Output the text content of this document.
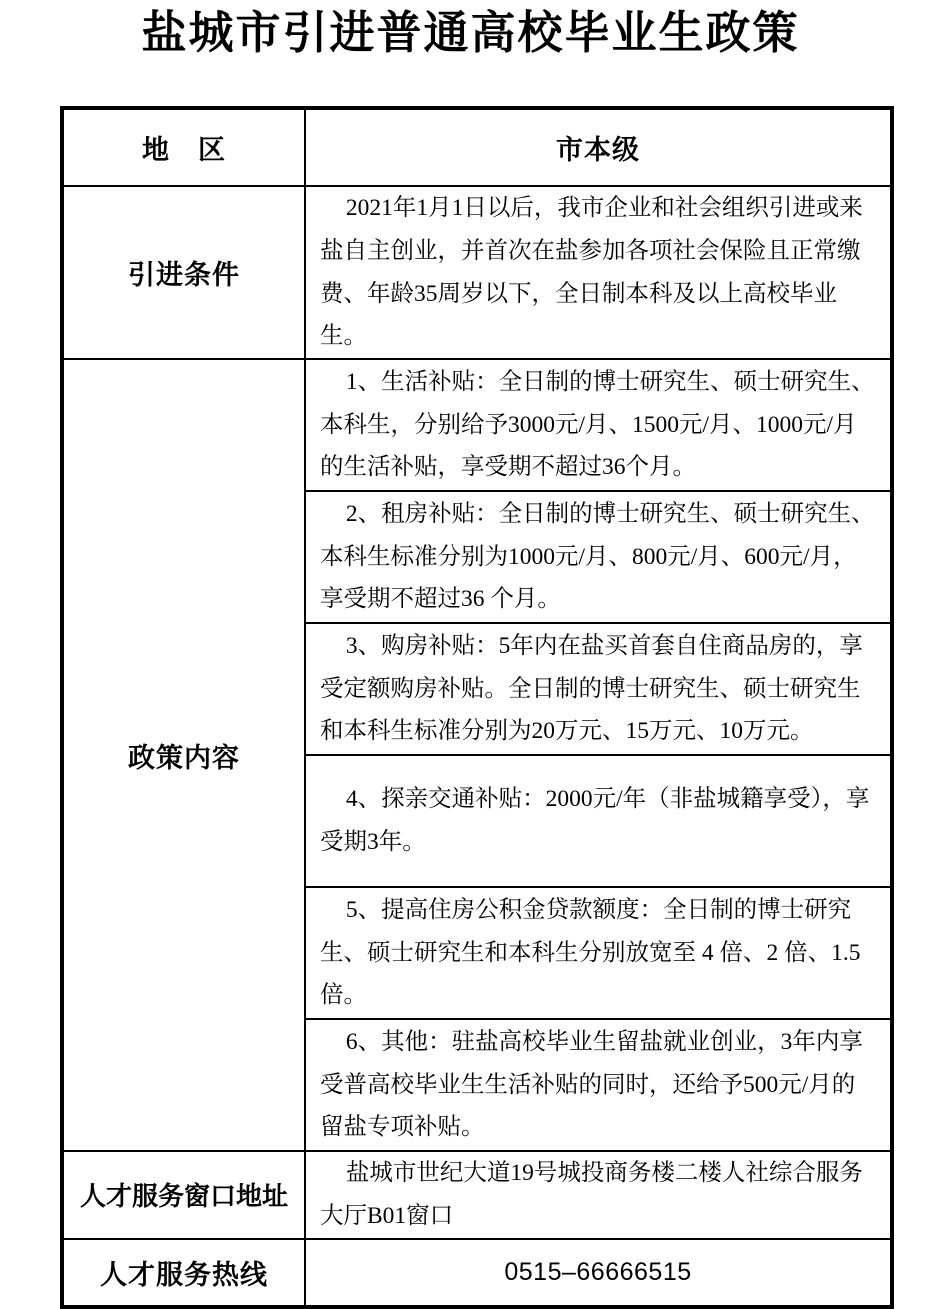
盐城市引进普通高校毕业生政策
地　区	市本级
引进条件	2021年1月1日以后，我市企业和社会组织引进或来盐自主创业，并首次在盐参加各项社会保险且正常缴费、年龄35周岁以下，全日制本科及以上高校毕业生。

政策内容	1、生活补贴：全日制的博士研究生、硕士研究生、本科生，分别给予3000元/月、1500元/月、1000元/月的生活补贴，享受期不超过36个月。

	2、租房补贴：全日制的博士研究生、硕士研究生、本科生标准分别为1000元/月、800元/月、600元/月，享受期不超过36 个月。

	3、购房补贴：5年内在盐买首套自住商品房的，享受定额购房补贴。全日制的博士研究生、硕士研究生和本科生标准分别为20万元、15万元、10万元。

	4、探亲交通补贴：2000元/年（非盐城籍享受），享受期3年。

	5、提高住房公积金贷款额度：全日制的博士研究生、硕士研究生和本科生分别放宽至 4 倍、2 倍、1.5 倍。

	6、其他：驻盐高校毕业生留盐就业创业，3年内享受普高校毕业生生活补贴的同时，还给予500元/月的留盐专项补贴。

人才服务窗口地址	盐城市世纪大道19号城投商务楼二楼人社综合服务大厅B01窗口

人才服务热线	0515–66666515
